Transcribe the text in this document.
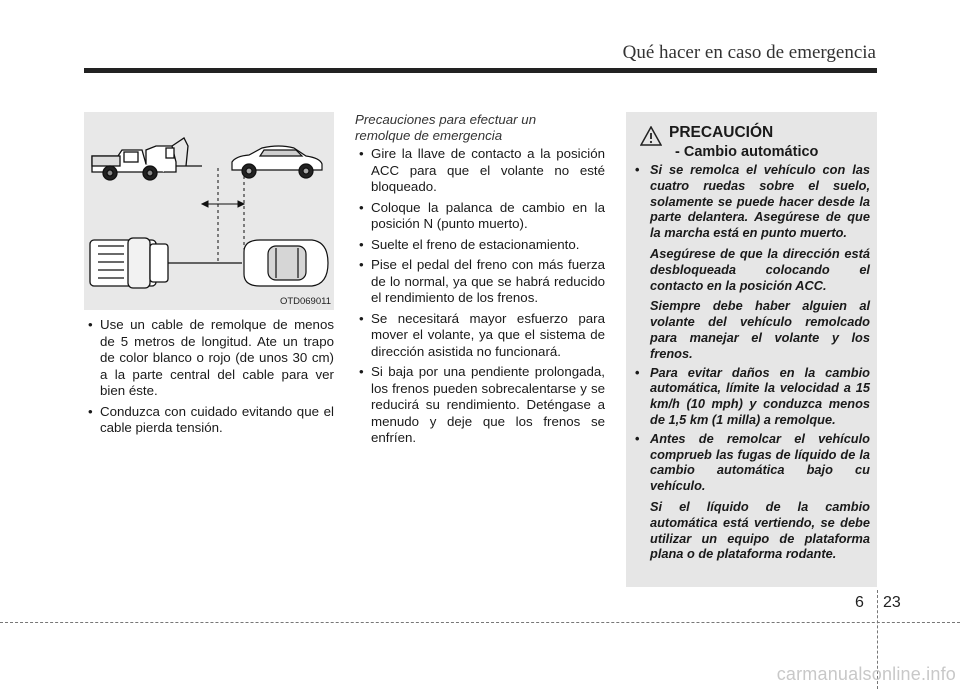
Qué hacer en caso de emergencia
OTD069011
• Use un cable de remolque de menos de 5 metros de longitud. Ate un trapo de color blanco o rojo (de unos 30 cm) a la parte central del cable para ver bien éste.
• Conduzca con cuidado evitando que el cable pierda tensión.
Precauciones para efectuar un remolque de emergencia
• Gire la llave de contacto a la posición ACC para que el volante no esté bloqueado.
• Coloque la palanca de cambio en la posición N (punto muerto).
• Suelte el freno de estacionamiento.
• Pise el pedal del freno con más fuerza de lo normal, ya que se habrá reducido el rendimiento de los frenos.
• Se necesitará mayor esfuerzo para mover el volante, ya que el sistema de dirección asistida no funcionará.
• Si baja por una pendiente prolongada, los frenos pueden sobrecalentarse y se reducirá su rendimiento. Deténgase a menudo y deje que los frenos se enfríen.
PRECAUCIÓN
- Cambio automático

• Si se remolca el vehículo con las cuatro ruedas sobre el suelo, solamente se puede hacer desde la parte delantera. Asegúrese de que la marcha está en punto muerto.

Asegúrese de que la dirección está desbloqueada colocando el contacto en la posición ACC.

Siempre debe haber alguien al volante del vehículo remolcado para manejar el volante y los frenos.

• Para evitar daños en la cambio automática, límite la velocidad a 15 km/h (10 mph) y conduzca menos de 1,5 km (1 milla) a remolque.

• Antes de remolcar el vehículo comprueb las fugas de líquido de la cambio automática bajo cu vehículo.

Si el líquido de la cambio automática está vertiendo, se debe utilizar un equipo de plataforma plana o de plataforma rodante.

6 23
carmanualsonline.info
